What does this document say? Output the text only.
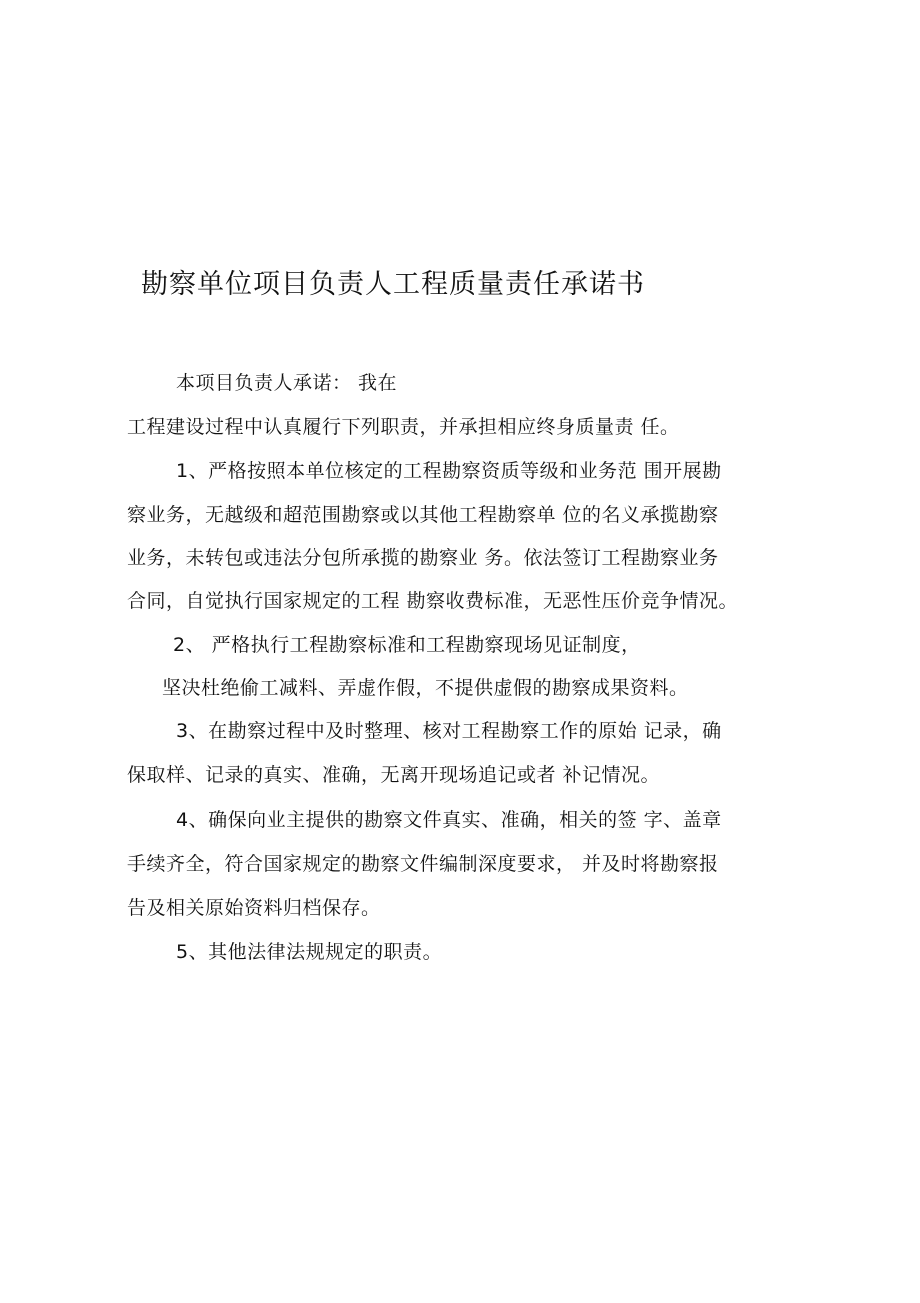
勘察单位项目负责人工程质量责任承诺书
本项目负责人承诺： 我在
工程建设过程中认真履行下列职责，并承担相应终身质量责 任。
1、严格按照本单位核定的工程勘察资质等级和业务范 围开展勘
察业务，无越级和超范围勘察或以其他工程勘察单 位的名义承揽勘察
业务，未转包或违法分包所承揽的勘察业 务。依法签订工程勘察业务
合同，自觉执行国家规定的工程 勘察收费标准，无恶性压价竞争情况。
2、 严格执行工程勘察标准和工程勘察现场见证制度，
坚决杜绝偷工减料、弄虚作假，不提供虚假的勘察成果资料。
3、在勘察过程中及时整理、核对工程勘察工作的原始 记录，确
保取样、记录的真实、准确，无离开现场追记或者 补记情况。
4、确保向业主提供的勘察文件真实、准确，相关的签 字、盖章
手续齐全，符合国家规定的勘察文件编制深度要求， 并及时将勘察报
告及相关原始资料归档保存。
5、其他法律法规规定的职责。
